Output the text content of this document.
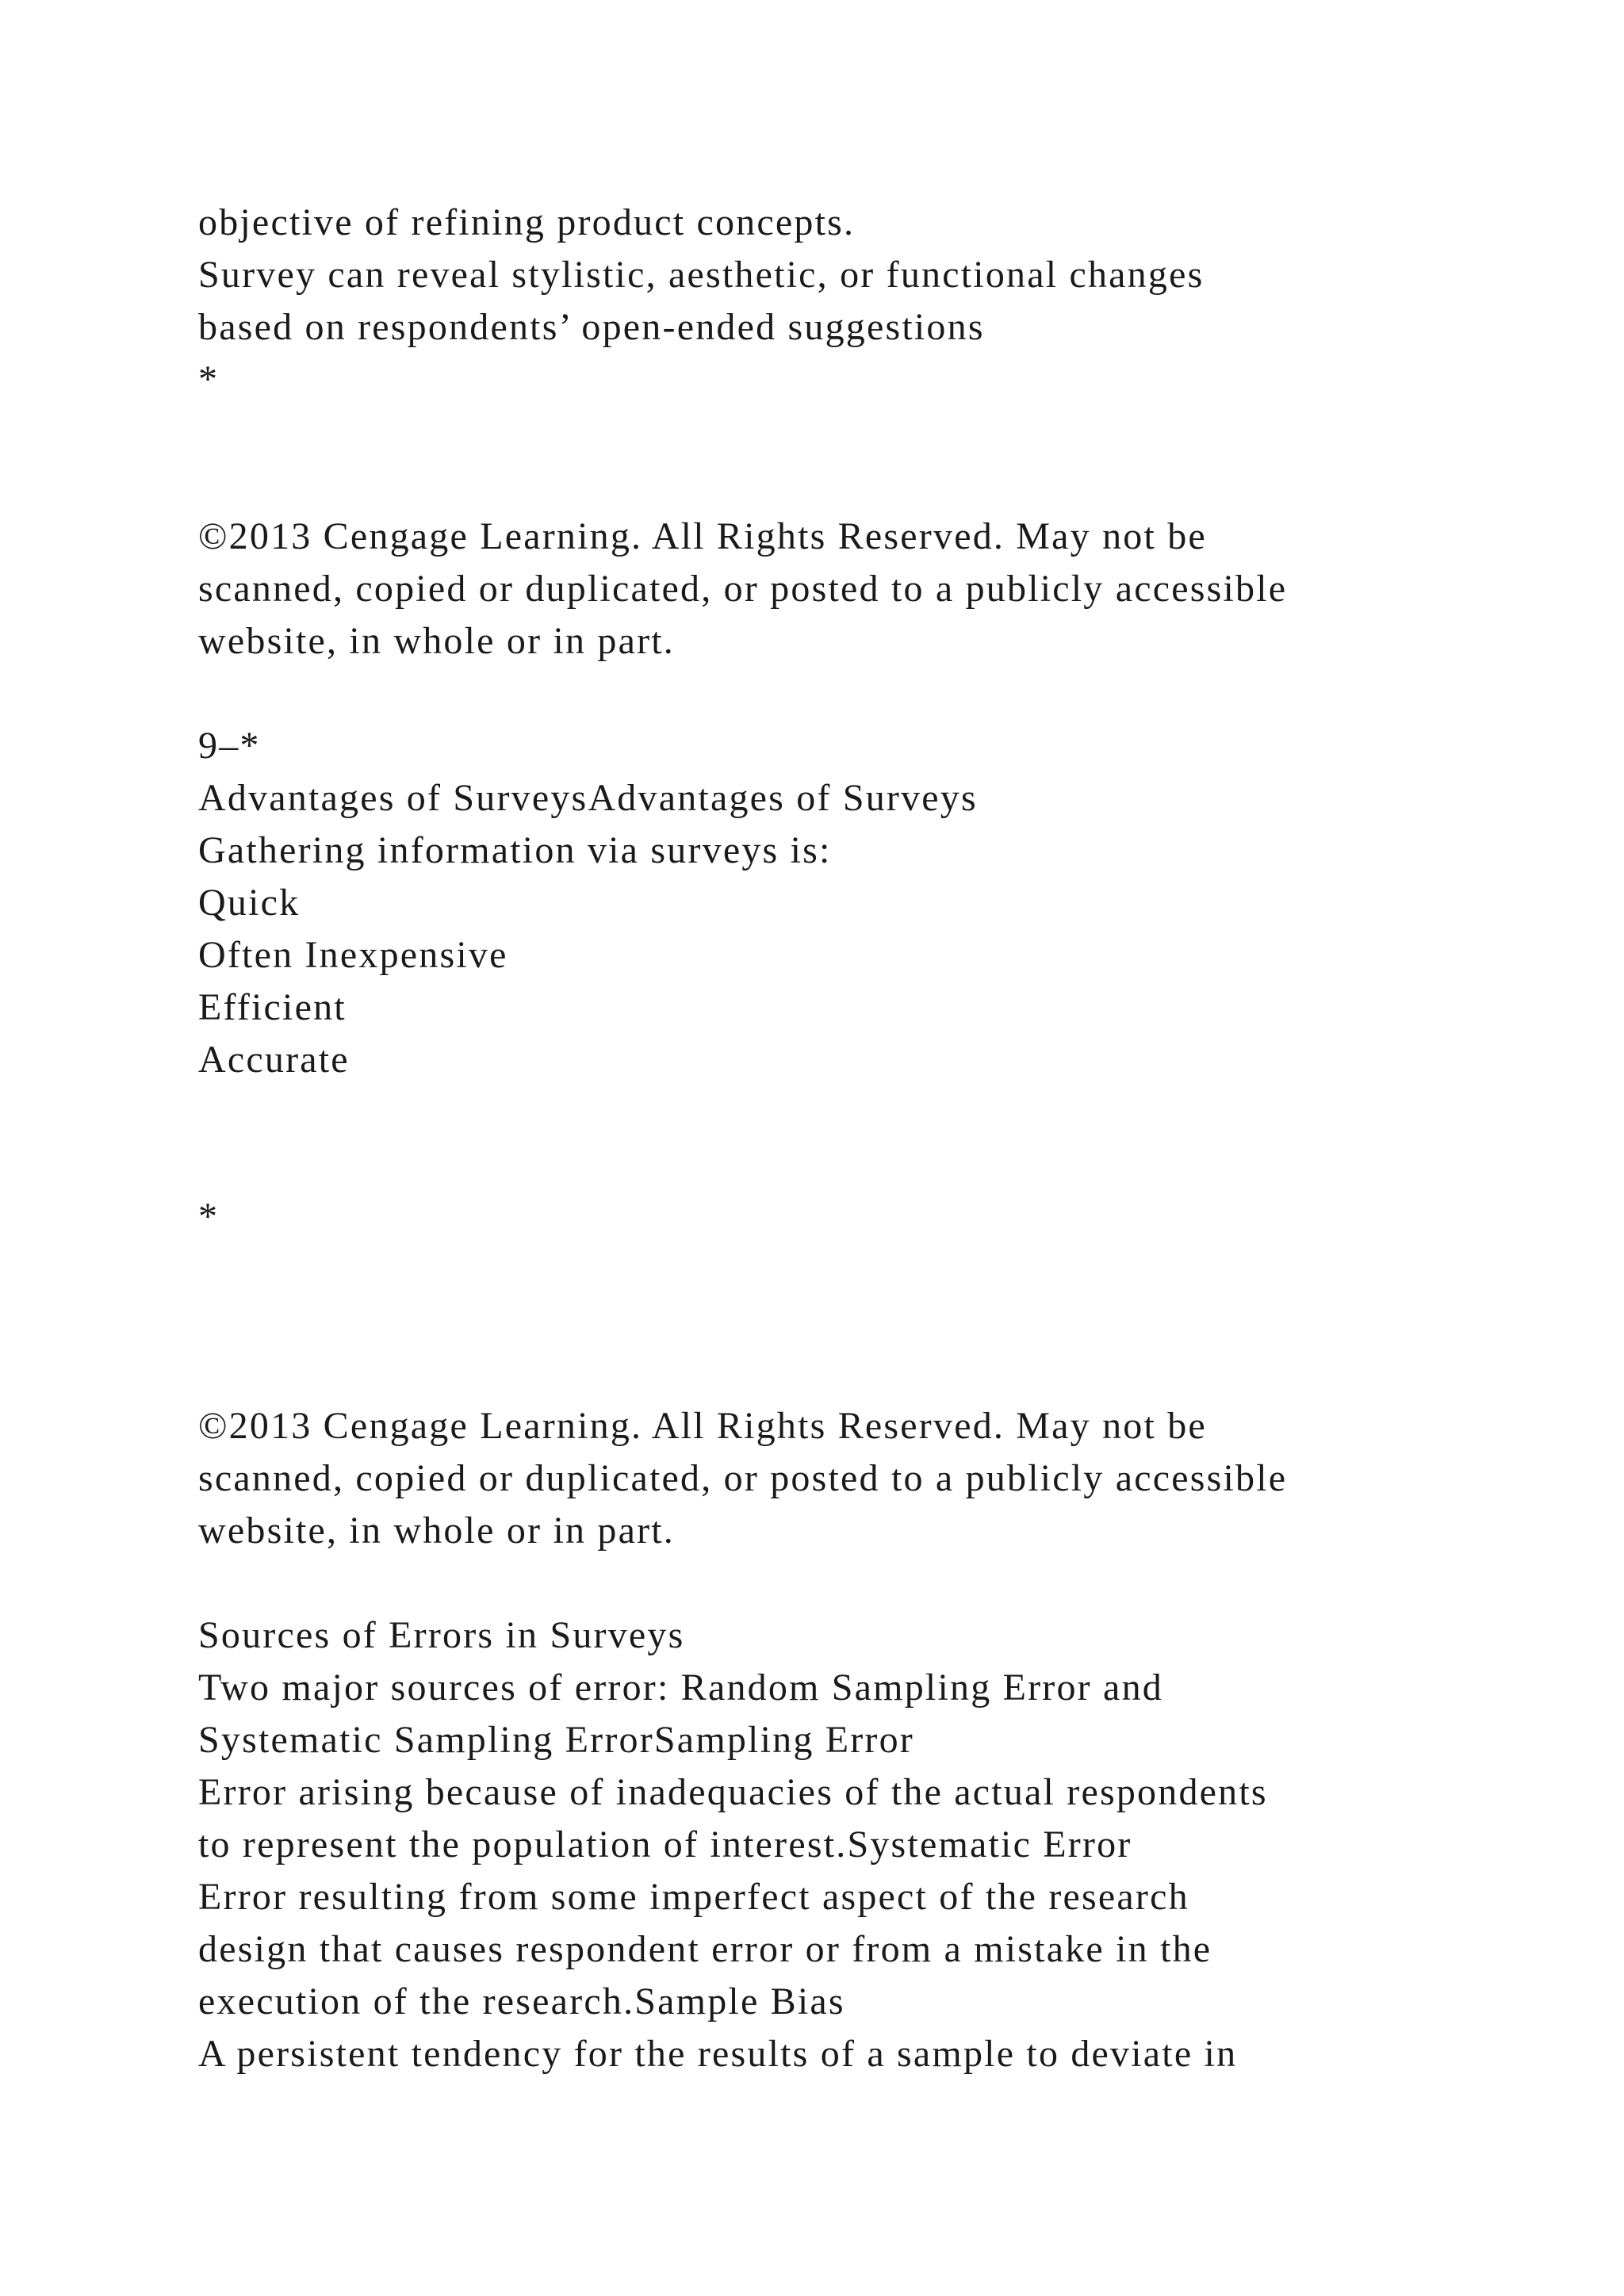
objective of refining product concepts.

Survey can reveal stylistic, aesthetic, or functional changes

based on respondents’ open-ended suggestions

*

©2013 Cengage Learning. All Rights Reserved. May not be

scanned, copied or duplicated, or posted to a publicly accessible

website, in whole or in part.

9–*

Advantages of SurveysAdvantages of Surveys

Gathering information via surveys is:

Quick

Often Inexpensive

Efficient

Accurate

*

©2013 Cengage Learning. All Rights Reserved. May not be

scanned, copied or duplicated, or posted to a publicly accessible

website, in whole or in part.

Sources of Errors in Surveys

Two major sources of error: Random Sampling Error and

Systematic Sampling ErrorSampling Error

Error arising because of inadequacies of the actual respondents

to represent the population of interest.Systematic Error

Error resulting from some imperfect aspect of the research

design that causes respondent error or from a mistake in the

execution of the research.Sample Bias

A persistent tendency for the results of a sample to deviate in
